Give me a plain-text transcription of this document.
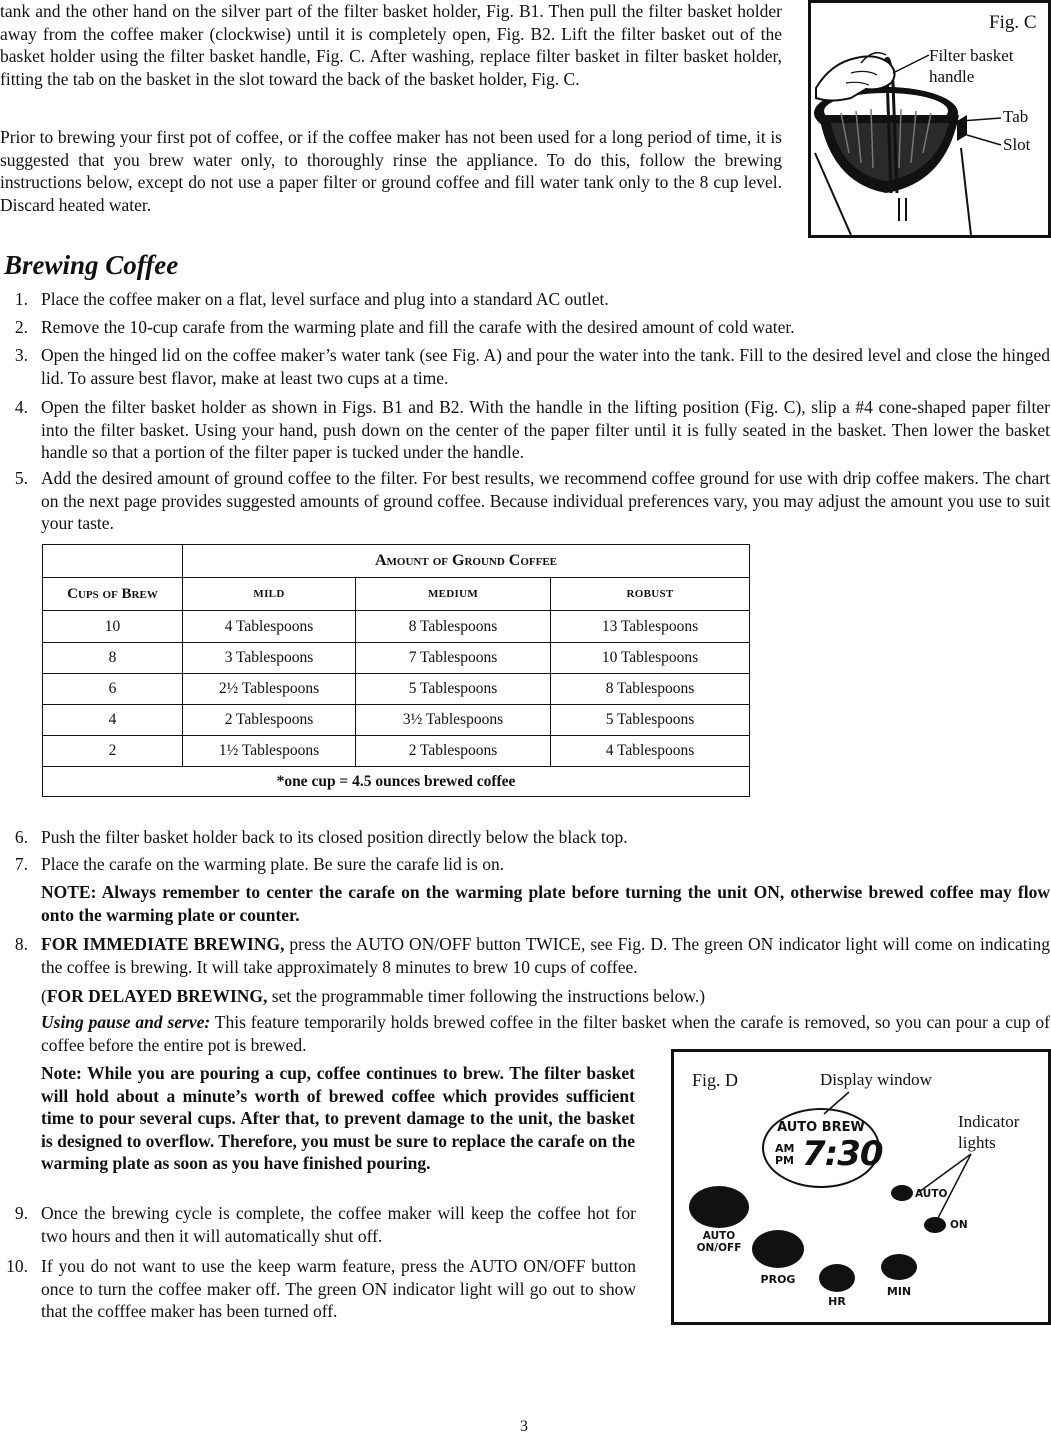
tank and the other hand on the silver part of the filter basket holder, Fig. B1. Then pull the filter basket holder away from the coffee maker (clockwise) until it is completely open, Fig. B2. Lift the filter basket out of the basket holder using the filter basket handle, Fig. C. After washing, replace filter basket in filter basket holder, fitting the tab on the basket in the slot toward the back of the basket holder, Fig. C.

Prior to brewing your first pot of coffee, or if the coffee maker has not been used for a long period of time, it is suggested that you brew water only, to thoroughly rinse the appliance. To do this, follow the brewing instructions below, except do not use a paper filter or ground coffee and fill water tank only to the 8 cup level. Discard heated water.

Fig. C
Filter basket handle
Tab
Slot
Brewing Coffee
1. Place the coffee maker on a flat, level surface and plug into a standard AC outlet.
2. Remove the 10-cup carafe from the warming plate and fill the carafe with the desired amount of cold water.
3. Open the hinged lid on the coffee maker’s water tank (see Fig. A) and pour the water into the tank. Fill to the desired level and close the hinged lid. To assure best flavor, make at least two cups at a time.
4. Open the filter basket holder as shown in Figs. B1 and B2. With the handle in the lifting position (Fig. C), slip a #4 cone-shaped paper filter into the filter basket. Using your hand, push down on the center of the paper filter until it is fully seated in the basket. Then lower the basket handle so that a portion of the filter paper is tucked under the handle.
5. Add the desired amount of ground coffee to the filter. For best results, we recommend coffee ground for use with drip coffee makers. The chart on the next page provides suggested amounts of ground coffee. Because individual preferences vary, you may adjust the amount you use to suit your taste.
	Amount of Ground Coffee		
Cups of Brew	MILD	MEDIUM	ROBUST
10	4 Tablespoons	8 Tablespoons	13 Tablespoons
8	3 Tablespoons	7 Tablespoons	10 Tablespoons
6	2½ Tablespoons	5 Tablespoons	8 Tablespoons
4	2 Tablespoons	3½ Tablespoons	5 Tablespoons
2	1½ Tablespoons	2 Tablespoons	4 Tablespoons
*one cup = 4.5 ounces brewed coffee			
6. Push the filter basket holder back to its closed position directly below the black top.
7. Place the carafe on the warming plate. Be sure the carafe lid is on.

NOTE: Always remember to center the carafe on the warming plate before turning the unit ON, otherwise brewed coffee may flow onto the warming plate or counter.

8. FOR IMMEDIATE BREWING, press the AUTO ON/OFF button TWICE, see Fig. D. The green ON indicator light will come on indicating the coffee is brewing. It will take approximately 8 minutes to brew 10 cups of coffee.

(FOR DELAYED BREWING, set the programmable timer following the instructions below.)

Using pause and serve: This feature temporarily holds brewed coffee in the filter basket when the carafe is removed, so you can pour a cup of coffee before the entire pot is brewed.

Note: While you are pouring a cup, coffee continues to brew. The filter basket will hold about a minute’s worth of brewed coffee which provides sufficient time to pour several cups. After that, to prevent damage to the unit, the basket is designed to overflow. Therefore, you must be sure to replace the carafe on the warming plate as soon as you have finished pouring.

9. Once the brewing cycle is complete, the coffee maker will keep the coffee hot for two hours and then it will automatically shut off.
10. If you do not want to use the keep warm feature, press the AUTO ON/OFF button once to turn the coffee maker off. The green ON indicator light will go out to show that the cofffee maker has been turned off.
Fig. D	Display window
Indicator lights
AUTO BREW
AM
PM 7:30
AUTO ON/OFF
PROG
HR
MIN
AUTO
ON
3
